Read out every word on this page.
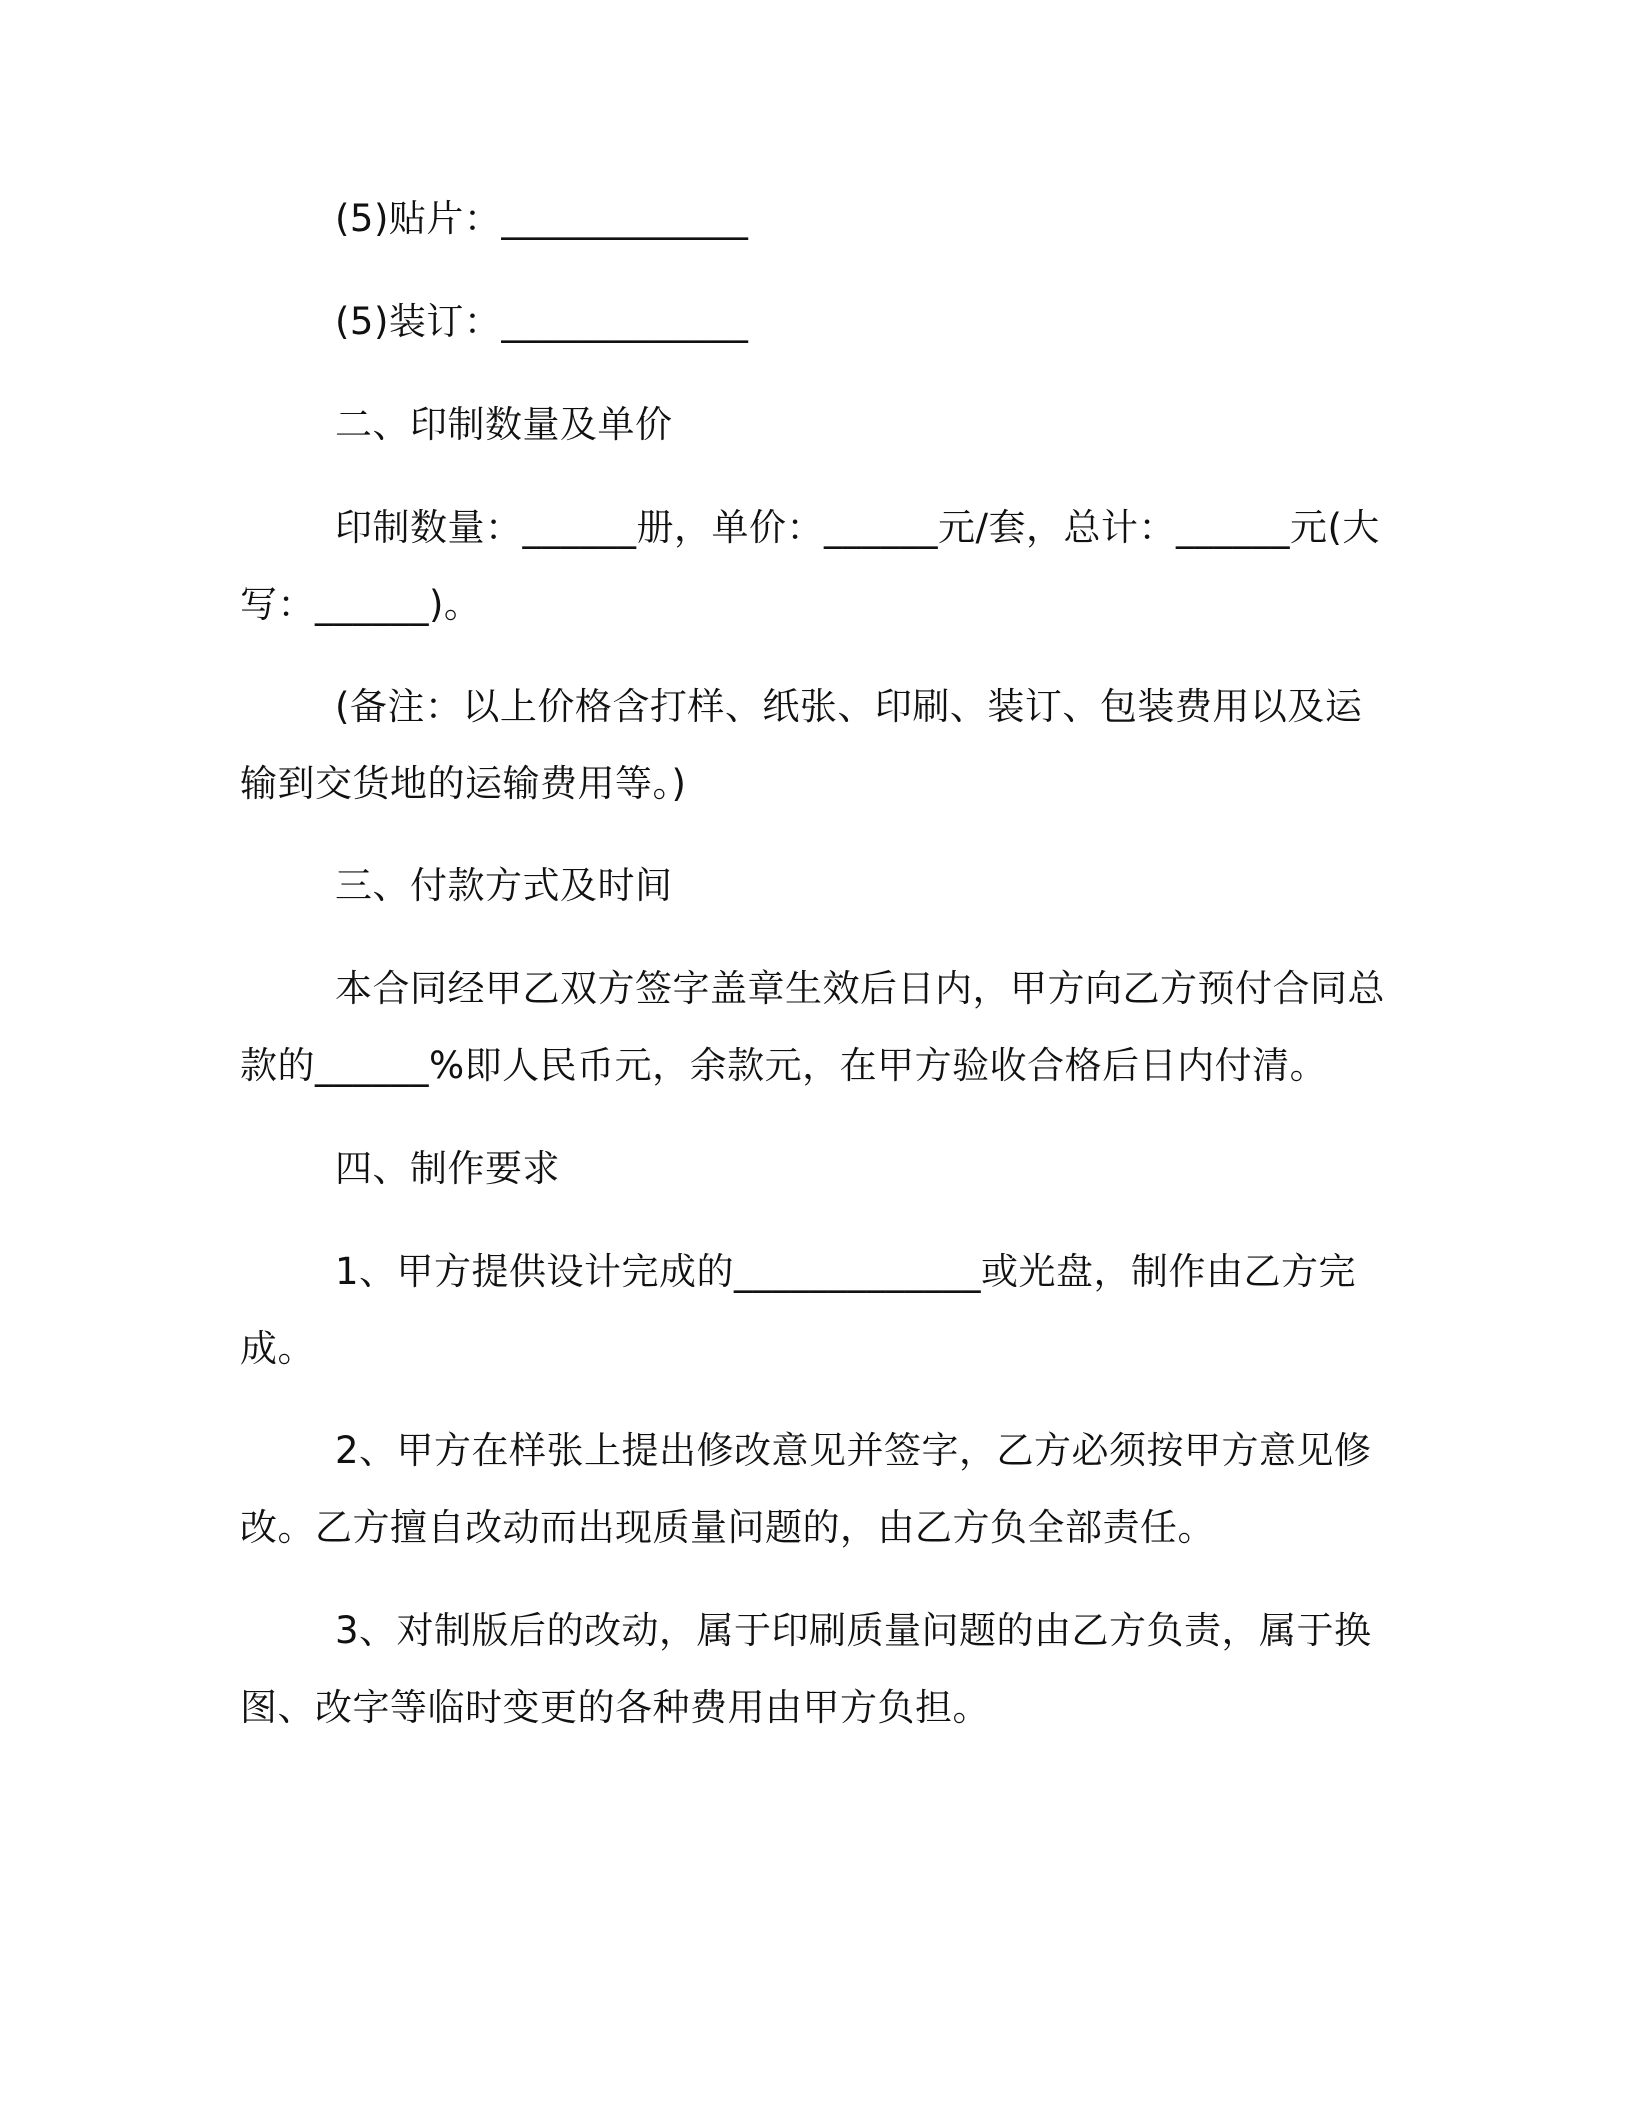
(5)贴片：_____________

(5)装订：_____________

二、印制数量及单价

印制数量：______册，单价：______元/套，总计：______元(大写：______)。

(备注：以上价格含打样、纸张、印刷、装订、包装费用以及运输到交货地的运输费用等。)

三、付款方式及时间

本合同经甲乙双方签字盖章生效后日内，甲方向乙方预付合同总款的______%即人民币元，余款元，在甲方验收合格后日内付清。

四、制作要求

1、甲方提供设计完成的_____________或光盘，制作由乙方完成。

2、甲方在样张上提出修改意见并签字，乙方必须按甲方意见修改。乙方擅自改动而出现质量问题的，由乙方负全部责任。

3、对制版后的改动，属于印刷质量问题的由乙方负责，属于换图、改字等临时变更的各种费用由甲方负担。
